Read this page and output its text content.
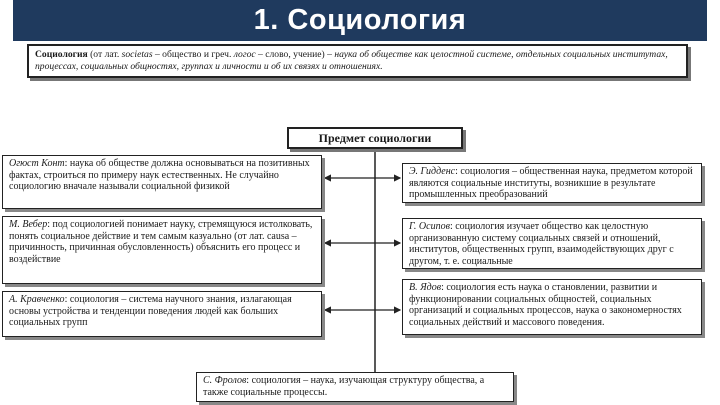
1. Социология
Социология (от лат. societas – общество и греч. логос – слово, учение) – наука об обществе как целостной системе, отдельных социальных институтах, процессах, социальных общностях, группах и личности и об их связях и отношениях.
Предмет социологии
Огюст Конт: наука об обществе должна основываться на позитивных фактах, строиться по примеру наук естественных. Не случайно социологию вначале называли социальной физикой
М. Вебер: под социологией понимает науку, стремящуюся истолковать, понять социальное действие и тем самым казуально (от лат. causa – причинность, причинная обусловленность) объяснить его процесс и воздействие
А. Кравченко: социология – система научного знания, излагающая основы устройства и тенденции поведения людей как больших социальных групп
Э. Гидденс: социология – общественная наука, предметом которой являются социальные институты, возникшие в результате промышленных преобразований
Г. Осипов: социология изучает общество как целостную организованную систему социальных связей и отношений, институтов, общественных групп, взаимодействующих друг с другом, т. е. социальные
В. Ядов: социология есть наука о становлении, развитии и функционировании социальных общностей, социальных организаций и социальных процессов, наука о закономерностях социальных действий и массового поведения.
С. Фролов: социология – наука, изучающая структуру общества, а также социальные процессы.
